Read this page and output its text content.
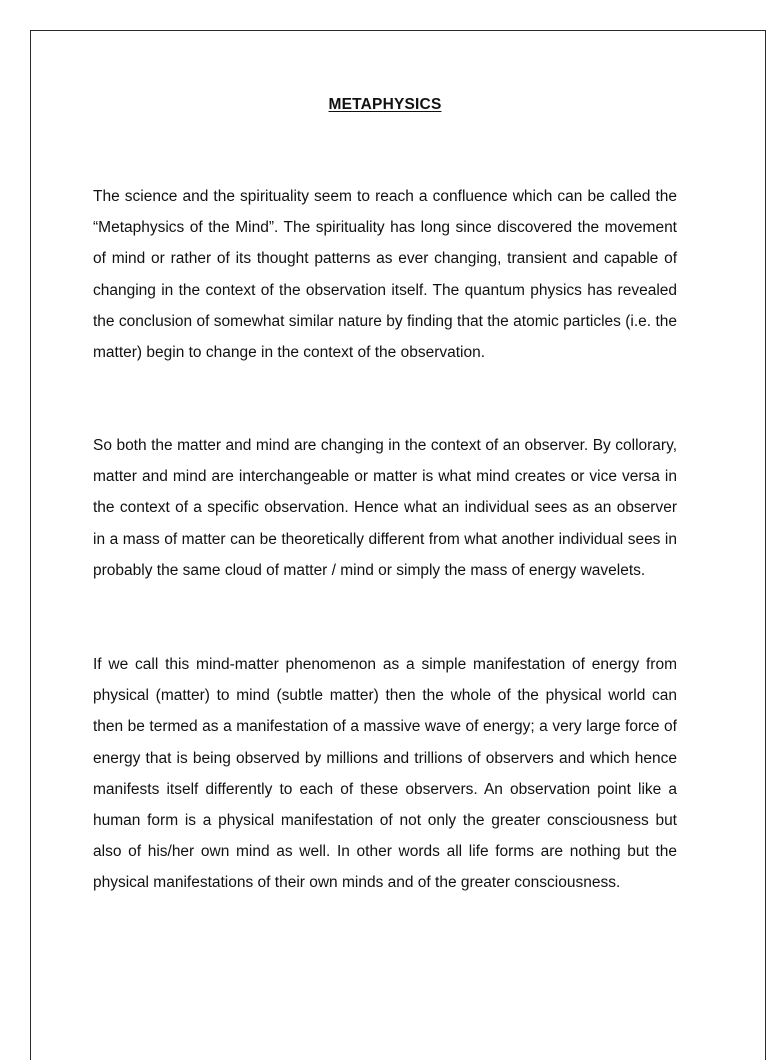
METAPHYSICS

The science and the spirituality seem to reach a confluence which can be called the “Metaphysics of the Mind”. The spirituality has long since discovered the movement of mind or rather of its thought patterns as ever changing, transient and capable of changing in the context of the observation itself. The quantum physics has revealed the conclusion of somewhat similar nature by finding that the atomic particles (i.e. the matter) begin to change in the context of the observation.

So both the matter and mind are changing in the context of an observer. By collorary, matter and mind are interchangeable or matter is what mind creates or vice versa in the context of a specific observation. Hence what an individual sees as an observer in a mass of matter can be theoretically different from what another individual sees in probably the same cloud of matter / mind or simply the mass of energy wavelets.

If we call this mind-matter phenomenon as a simple manifestation of energy from physical (matter) to mind (subtle matter) then the whole of the physical world can then be termed as a manifestation of a massive wave of energy; a very large force of energy that is being observed by millions and trillions of observers and which hence manifests itself differently to each of these observers. An observation point like a human form is a physical manifestation of not only the greater consciousness but also of his/her own mind as well. In other words all life forms are nothing but the physical manifestations of their own minds and of the greater consciousness.
